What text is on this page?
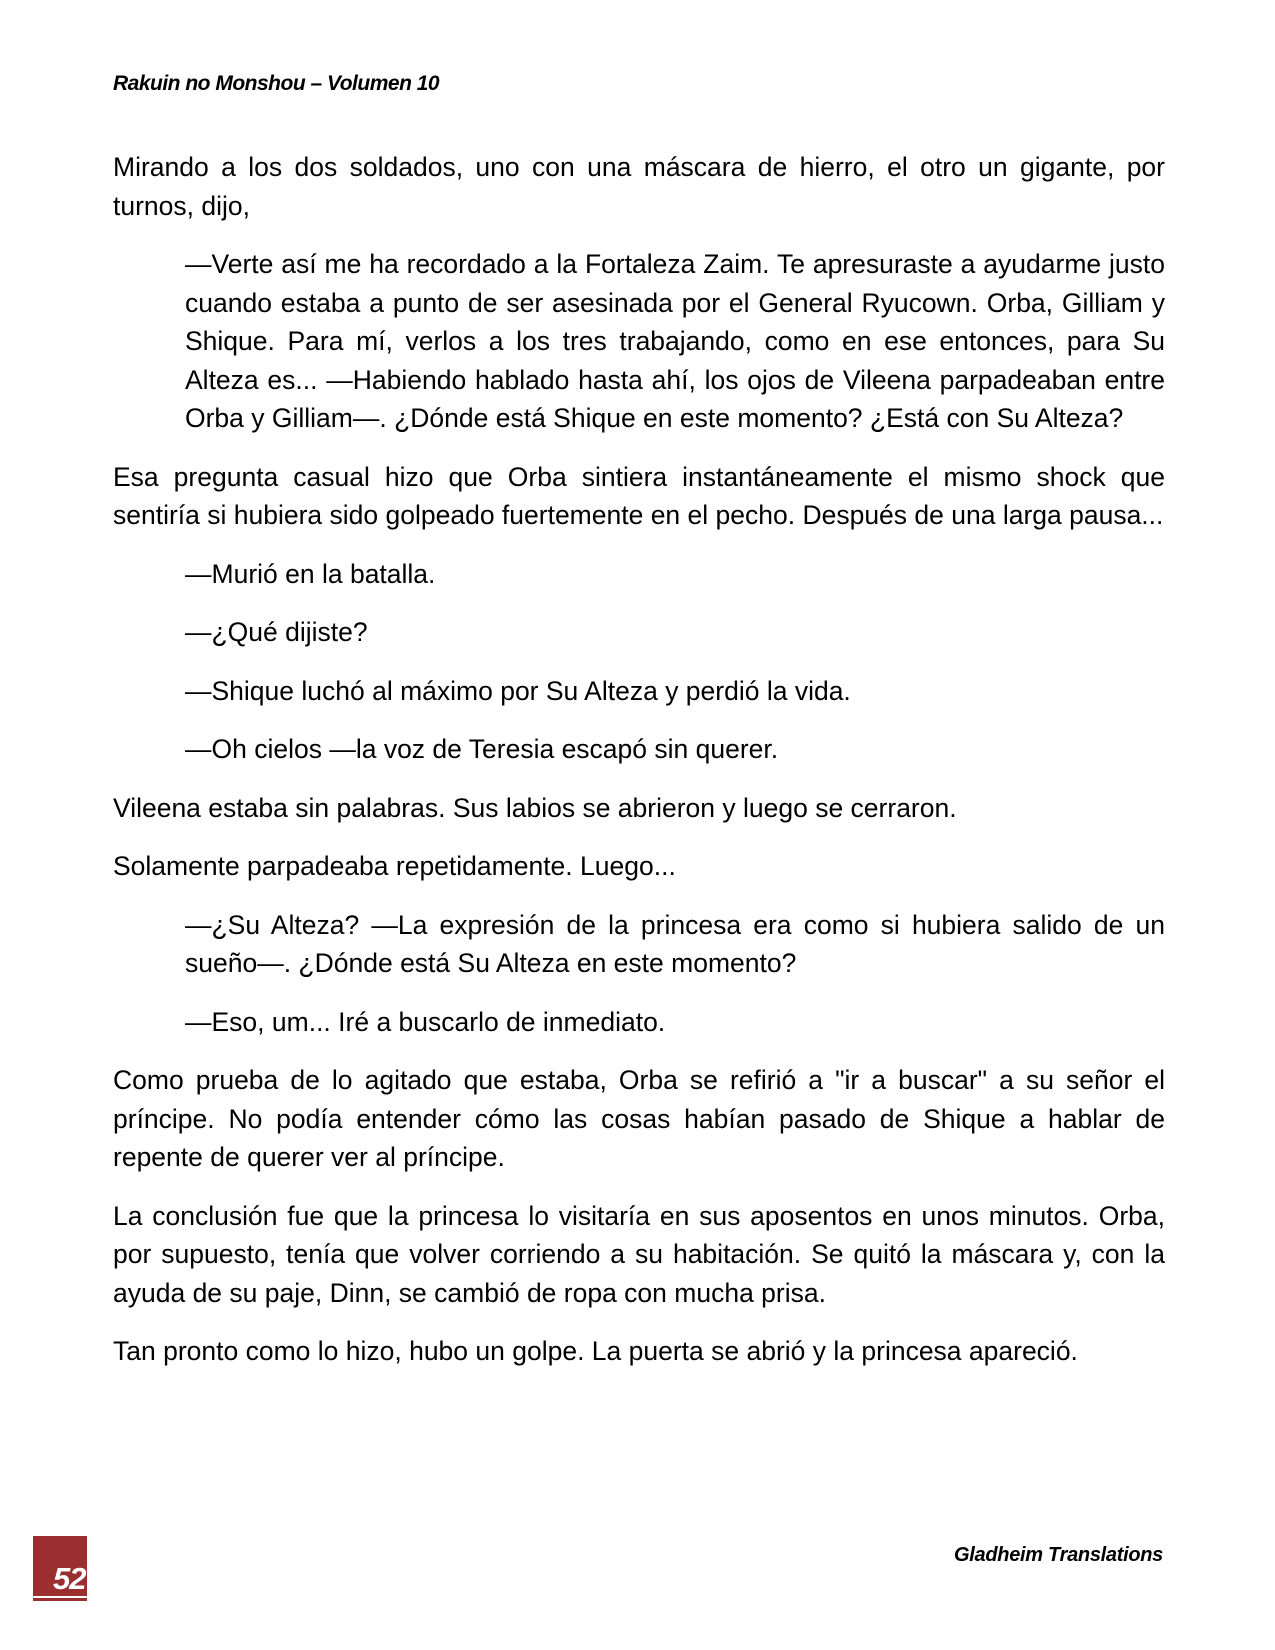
Rakuin no Monshou – Volumen 10

Mirando a los dos soldados, uno con una máscara de hierro, el otro un gigante, por turnos, dijo,

—Verte así me ha recordado a la Fortaleza Zaim. Te apresuraste a ayudarme justo cuando estaba a punto de ser asesinada por el General Ryucown. Orba, Gilliam y Shique. Para mí, verlos a los tres trabajando, como en ese entonces, para Su Alteza es... —Habiendo hablado hasta ahí, los ojos de Vileena parpadeaban entre Orba y Gilliam—. ¿Dónde está Shique en este momento? ¿Está con Su Alteza?

Esa pregunta casual hizo que Orba sintiera instantáneamente el mismo shock que sentiría si hubiera sido golpeado fuertemente en el pecho. Después de una larga pausa...

—Murió en la batalla.

—¿Qué dijiste?

—Shique luchó al máximo por Su Alteza y perdió la vida.

—Oh cielos —la voz de Teresia escapó sin querer.

Vileena estaba sin palabras. Sus labios se abrieron y luego se cerraron.

Solamente parpadeaba repetidamente. Luego...

—¿Su Alteza? —La expresión de la princesa era como si hubiera salido de un sueño—. ¿Dónde está Su Alteza en este momento?

—Eso, um... Iré a buscarlo de inmediato.

Como prueba de lo agitado que estaba, Orba se refirió a "ir a buscar" a su señor el príncipe. No podía entender cómo las cosas habían pasado de Shique a hablar de repente de querer ver al príncipe.

La conclusión fue que la princesa lo visitaría en sus aposentos en unos minutos. Orba, por supuesto, tenía que volver corriendo a su habitación. Se quitó la máscara y, con la ayuda de su paje, Dinn, se cambió de ropa con mucha prisa.

Tan pronto como lo hizo, hubo un golpe. La puerta se abrió y la princesa apareció.

52
Gladheim Translations
